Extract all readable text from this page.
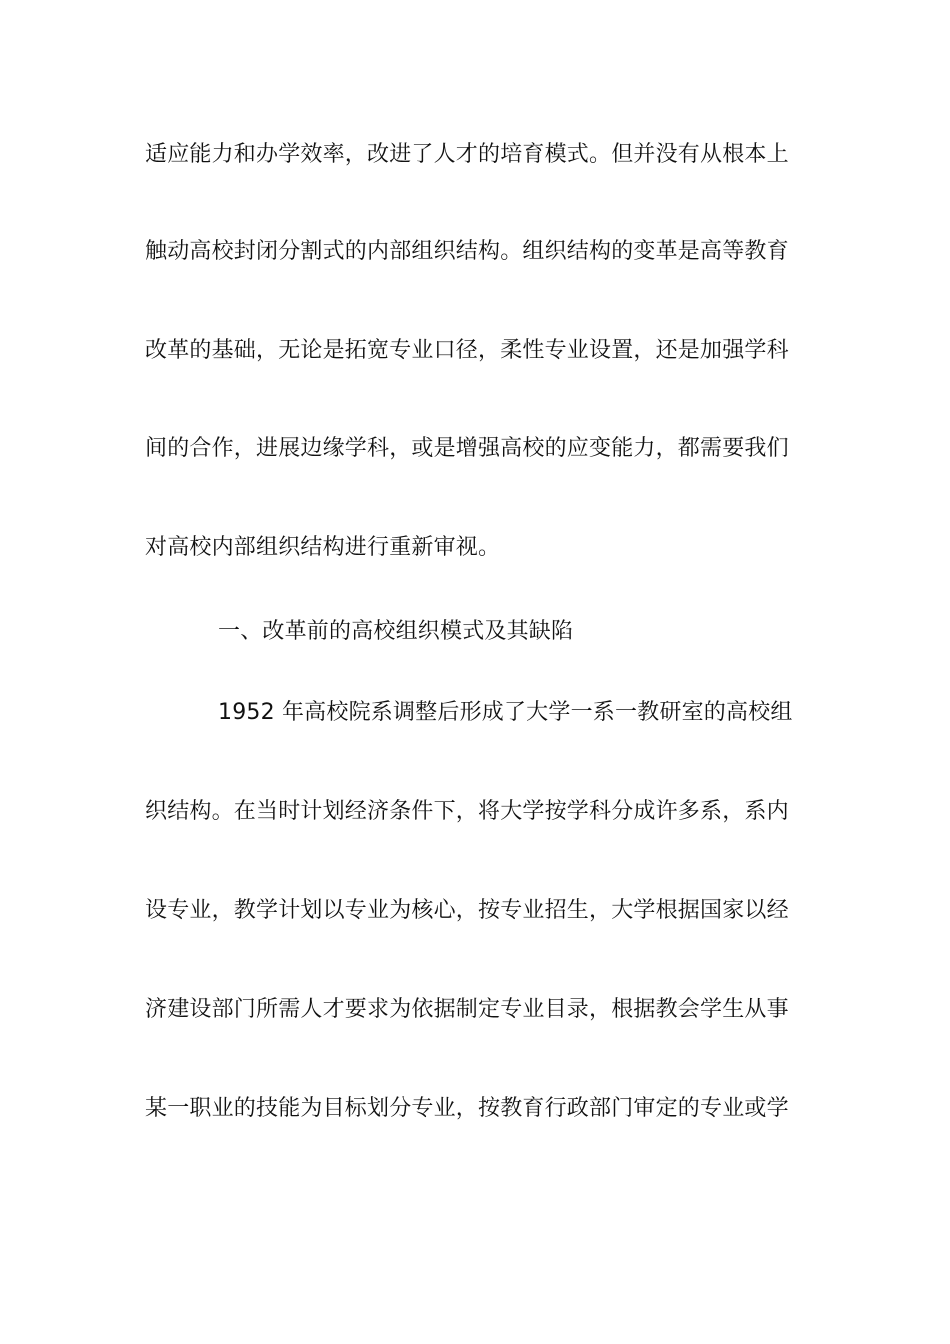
适应能力和办学效率，改进了人才的培育模式。但并没有从根本上
触动高校封闭分割式的内部组织结构。组织结构的变革是高等教育
改革的基础，无论是拓宽专业口径，柔性专业设置，还是加强学科
间的合作，进展边缘学科，或是增强高校的应变能力，都需要我们
对高校内部组织结构进行重新审视。
一、改革前的高校组织模式及其缺陷
1952 年高校院系调整后形成了大学一系一教研室的高校组
织结构。在当时计划经济条件下，将大学按学科分成许多系，系内
设专业，教学计划以专业为核心，按专业招生，大学根据国家以经
济建设部门所需人才要求为依据制定专业目录，根据教会学生从事
某一职业的技能为目标划分专业，按教育行政部门审定的专业或学
